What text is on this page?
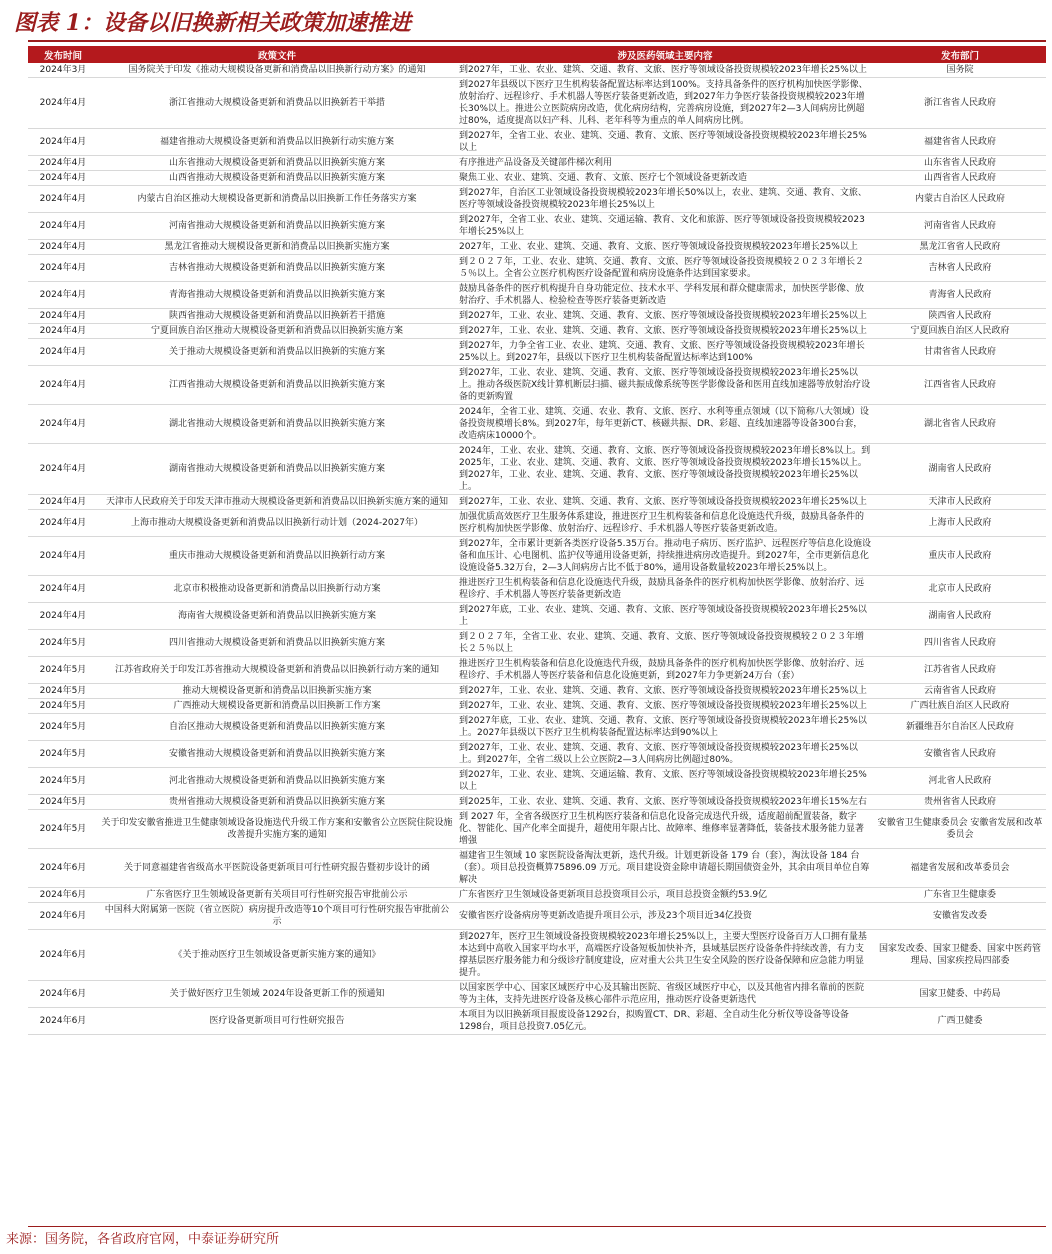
图表 1：设备以旧换新相关政策加速推进
发布时间	政策文件	涉及医药领域主要内容	发布部门
2024年3月	国务院关于印发《推动大规模设备更新和消费品以旧换新行动方案》的通知	到2027年，工业、农业、建筑、交通、教育、文旅、医疗等领域设备投资规模较2023年增长25%以上	国务院
2024年4月	浙江省推动大规模设备更新和消费品以旧换新若干举措	到2027年县级以下医疗卫生机构装备配置达标率达到100%。支持具备条件的医疗机构加快医学影像、放射治疗、远程诊疗、手术机器人等医疗装备更新改造，到2027年力争医疗装备投资规模较2023年增长30%以上。推进公立医院病房改造，优化病房结构，完善病房设施，到2027年2—3人间病房比例超过80%，适度提高以妇产科、儿科、老年科等为重点的单人间病房比例。	浙江省省人民政府
2024年4月	福建省推动大规模设备更新和消费品以旧换新行动实施方案	到2027年，全省工业、农业、建筑、交通、教育、文旅、医疗等领域设备投资规模较2023年增长25%以上	福建省省人民政府
2024年4月	山东省推动大规模设备更新和消费品以旧换新实施方案	有序推进产品设备及关键部件梯次利用	山东省省人民政府
2024年4月	山西省推动大规模设备更新和消费品以旧换新实施方案	聚焦工业、农业、建筑、交通、教育、文旅、医疗七个领域设备更新改造	山西省省人民政府
2024年4月	内蒙古自治区推动大规模设备更新和消费品以旧换新工作任务落实方案	到2027年，自治区工业领域设备投资规模较2023年增长50%以上，农业、建筑、交通、教育、文旅、医疗等领域设备投资规模较2023年增长25%以上	内蒙古自治区人民政府
2024年4月	河南省推动大规模设备更新和消费品以旧换新实施方案	到2027年，全省工业、农业、建筑、交通运输、教育、文化和旅游、医疗等领域设备投资规模较2023年增长25%以上	河南省省人民政府
2024年4月	黑龙江省推动大规模设备更新和消费品以旧换新实施方案	2027年，工业、农业、建筑、交通、教育、文旅、医疗等领域设备投资规模较2023年增长25%以上	黑龙江省省人民政府
2024年4月	吉林省推动大规模设备更新和消费品以旧换新实施方案	到２０２７年，工业、农业、建筑、交通、教育、文旅、医疗等领域设备投资规模较２０２３年增长２５％以上。全省公立医疗机构医疗设备配置和病房设施条件达到国家要求。	吉林省人民政府
2024年4月	青海省推动大规模设备更新和消费品以旧换新实施方案	鼓励具备条件的医疗机构提升自身功能定位、技术水平、学科发展和群众健康需求，加快医学影像、放射治疗、手术机器人、检验检查等医疗装备更新改造	青海省人民政府
2024年4月	陕西省推动大规模设备更新和消费品以旧换新若干措施	到2027年，工业、农业、建筑、交通、教育、文旅、医疗等领域设备投资规模较2023年增长25%以上	陕西省人民政府
2024年4月	宁夏回族自治区推动大规模设备更新和消费品以旧换新实施方案	到2027年，工业、农业、建筑、交通、教育、文旅、医疗等领域设备投资规模较2023年增长25%以上	宁夏回族自治区人民政府
2024年4月	关于推动大规模设备更新和消费品以旧换新的实施方案	到2027年，力争全省工业、农业、建筑、交通、教育、文旅、医疗等领域设备投资规模较2023年增长25%以上。到2027年，县级以下医疗卫生机构装备配置达标率达到100%	甘肃省省人民政府
2024年4月	江西省推动大规模设备更新和消费品以旧换新实施方案	到2027年，工业、农业、建筑、交通、教育、文旅、医疗等领域设备投资规模较2023年增长25%以上。推动各级医院X线计算机断层扫描、磁共振成像系统等医学影像设备和医用直线加速器等放射治疗设备的更新购置	江西省省人民政府
2024年4月	湖北省推动大规模设备更新和消费品以旧换新实施方案	2024年，全省工业、建筑、交通、农业、教育、文旅、医疗、水利等重点领域（以下简称八大领域）设备投资规模增长8%。到2027年，每年更新CT、核磁共振、DR、彩超、直线加速器等设备300台套，改造病床10000个。	湖北省省人民政府
2024年4月	湖南省推动大规模设备更新和消费品以旧换新实施方案	2024年，工业、农业、建筑、交通、教育、文旅、医疗等领域设备投资规模较2023年增长8%以上。到2025年，工业、农业、建筑、交通、教育、文旅、医疗等领域设备投资规模较2023年增长15%以上。到2027年，工业、农业、建筑、交通、教育、文旅、医疗等领域设备投资规模较2023年增长25%以上。	湖南省人民政府
2024年4月	天津市人民政府关于印发天津市推动大规模设备更新和消费品以旧换新实施方案的通知	到2027年，工业、农业、建筑、交通、教育、文旅、医疗等领域设备投资规模较2023年增长25%以上	天津市人民政府
2024年4月	上海市推动大规模设备更新和消费品以旧换新行动计划（2024-2027年）	加强优质高效医疗卫生服务体系建设，推进医疗卫生机构装备和信息化设施迭代升级，鼓励具备条件的医疗机构加快医学影像、放射治疗、远程诊疗、手术机器人等医疗装备更新改造。	上海市人民政府
2024年4月	重庆市推动大规模设备更新和消费品以旧换新行动方案	到2027年，全市累计更新各类医疗设备5.35万台。推动电子病历、医疗监护、远程医疗等信息化设施设备和血压计、心电图机、监护仪等通用设备更新，持续推进病房改造提升。到2027年，全市更新信息化设施设备5.32万台，2—3人间病房占比不低于80%，通用设备数量较2023年增长25%以上。	重庆市人民政府
2024年4月	北京市积极推动设备更新和消费品以旧换新行动方案	推进医疗卫生机构装备和信息化设施迭代升级，鼓励具备条件的医疗机构加快医学影像、放射治疗、远程诊疗、手术机器人等医疗装备更新改造	北京市人民政府
2024年4月	海南省大规模设备更新和消费品以旧换新实施方案	到2027年底，工业、农业、建筑、交通、教育、文旅、医疗等领域设备投资规模较2023年增长25%以上	湖南省人民政府
2024年5月	四川省推动大规模设备更新和消费品以旧换新实施方案	到２０２７年，全省工业、农业、建筑、交通、教育、文旅、医疗等领域设备投资规模较２０２３年增长２５％以上	四川省省人民政府
2024年5月	江苏省政府关于印发江苏省推动大规模设备更新和消费品以旧换新行动方案的通知	推进医疗卫生机构装备和信息化设施迭代升级，鼓励具备条件的医疗机构加快医学影像、放射治疗、远程诊疗、手术机器人等医疗装备和信息化设施更新，到2027年力争更新24万台（套）	江苏省省人民政府
2024年5月	推动大规模设备更新和消费品以旧换新实施方案	到2027年，工业、农业、建筑、交通、教育、文旅、医疗等领域设备投资规模较2023年增长25%以上	云南省省人民政府
2024年5月	广西推动大规模设备更新和消费品以旧换新工作方案	到2027年，工业、农业、建筑、交通、教育、文旅、医疗等领域设备投资规模较2023年增长25%以上	广西壮族自治区人民政府
2024年5月	自治区推动大规模设备更新和消费品以旧换新实施方案	到2027年底，工业、农业、建筑、交通、教育、文旅、医疗等领域设备投资规模较2023年增长25%以上。2027年县级以下医疗卫生机构装备配置达标率达到90%以上	新疆维吾尔自治区人民政府
2024年5月	安徽省推动大规模设备更新和消费品以旧换新实施方案	到2027年，工业、农业、建筑、交通、教育、文旅、医疗等领域设备投资规模较2023年增长25%以上。到2027年，全省二级以上公立医院2—3人间病房比例超过80%。	安徽省省人民政府
2024年5月	河北省推动大规模设备更新和消费品以旧换新实施方案	到2027年，工业、农业、建筑、交通运输、教育、文旅、医疗等领域设备投资规模较2023年增长25%以上	河北省人民政府
2024年5月	贵州省推动大规模设备更新和消费品以旧换新实施方案	到2025年，工业、农业、建筑、交通、教育、文旅、医疗等领域设备投资规模较2023年增长15%左右	贵州省省人民政府
2024年5月	关于印发安徽省推进卫生健康领域设备设施迭代升级工作方案和安徽省公立医院住院设施改善提升实施方案的通知	到 2027 年，全省各级医疗卫生机构医疗装备和信息化设备完成迭代升级，适度超前配置装备，数字化、智能化、国产化率全面提升，超使用年限占比、故障率、维修率显著降低，装备技术服务能力显著增强	安徽省卫生健康委员会 安徽省发展和改革委员会
2024年6月	关于同意福建省省级高水平医院设备更新项目可行性研究报告暨初步设计的函	福建省卫生领域 10 家医院设备淘汰更新，迭代升级。计划更新设备 179 台（套），淘汰设备 184 台（套）。项目总投资概算75896.09 万元。项目建设资金除申请超长期国债资金外，其余由项目单位自筹解决	福建省发展和改革委员会
2024年6月	广东省医疗卫生领域设备更新有关项目可行性研究报告审批前公示	广东省医疗卫生领域设备更新项目总投资项目公示，项目总投资金额约53.9亿	广东省卫生健康委
2024年6月	中国科大附属第一医院（省立医院）病房提升改造等10个项目可行性研究报告审批前公示	安徽省医疗设备病房等更新改造提升项目公示，涉及23个项目近34亿投资	安徽省发改委
2024年6月	《关于推动医疗卫生领域设备更新实施方案的通知》	到2027年，医疗卫生领域设备投资规模较2023年增长25%以上，主要大型医疗设备百万人口拥有量基本达到中高收入国家平均水平，高端医疗设备短板加快补齐，县域基层医疗设备条件持续改善，有力支撑基层医疗服务能力和分级诊疗制度建设，应对重大公共卫生安全风险的医疗设备保障和应急能力明显提升。	国家发改委、国家卫健委、国家中医药管理局、国家疾控局四部委
2024年6月	关于做好医疗卫生领域 2024年设备更新工作的预通知	以国家医学中心、国家区域医疗中心及其输出医院、省级区域医疗中心，以及其他省内排名靠前的医院等为主体，支持先进医疗设备及核心部件示范应用，推动医疗设备更新迭代	国家卫健委、中药局
2024年6月	医疗设备更新项目可行性研究报告	本项目为以旧换新项目报废设备1292台，拟购置CT、DR、彩超、全自动生化分析仪等设备等设备1298台，项目总投资7.05亿元。	广西卫健委
来源：国务院，各省政府官网，中泰证券研究所
